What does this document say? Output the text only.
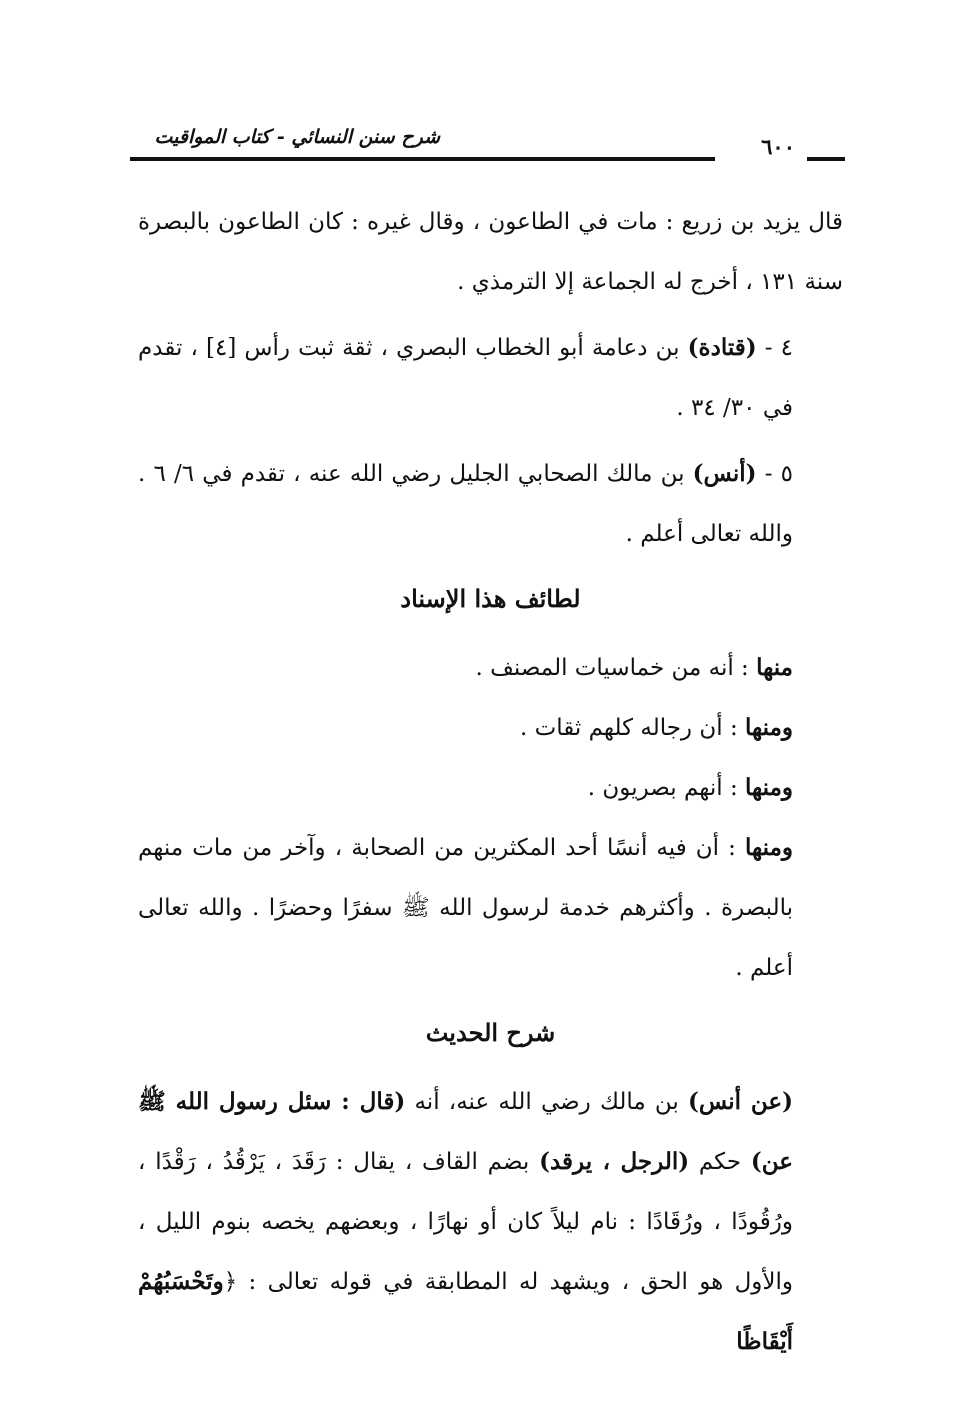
شرح سنن النسائي - كتاب المواقيت	٦٠٠

قال يزيد بن زريع : مات في الطاعون ، وقال غيره : كان الطاعون بالبصرة سنة ١٣١ ، أخرج له الجماعة إلا الترمذي .

٤ - (قتادة) بن دعامة أبو الخطاب البصري ، ثقة ثبت رأس [٤] ، تقدم في ٣٠/ ٣٤ .

٥ - (أنس) بن مالك الصحابي الجليل رضي الله عنه ، تقدم في ٦/ ٦ . والله تعالى أعلم .

لطائف هذا الإسناد

منها : أنه من خماسيات المصنف .

ومنها : أن رجاله كلهم ثقات .

ومنها : أنهم بصريون .

ومنها : أن فيه أنسًا أحد المكثرين من الصحابة ، وآخر من مات منهم بالبصرة . وأكثرهم خدمة لرسول الله ﷺ سفرًا وحضرًا . والله تعالى أعلم .

شرح الحديث

(عن أنس) بن مالك رضي الله عنه، أنه (قال : سئل رسول الله ﷺ عن) حكم (الرجل ، يرقد) بضم القاف ، يقال : رَقَدَ ، يَرْقُدُ ، رَقْدًا ، ورُقُودًا ، ورُقَادًا : نام ليلاً كان أو نهارًا ، وبعضهم يخصه بنوم الليل ، والأول هو الحق ، ويشهد له المطابقة في قوله تعالى : ﴿وتَحْسَبُهُمْ أَيْقَاظًا
